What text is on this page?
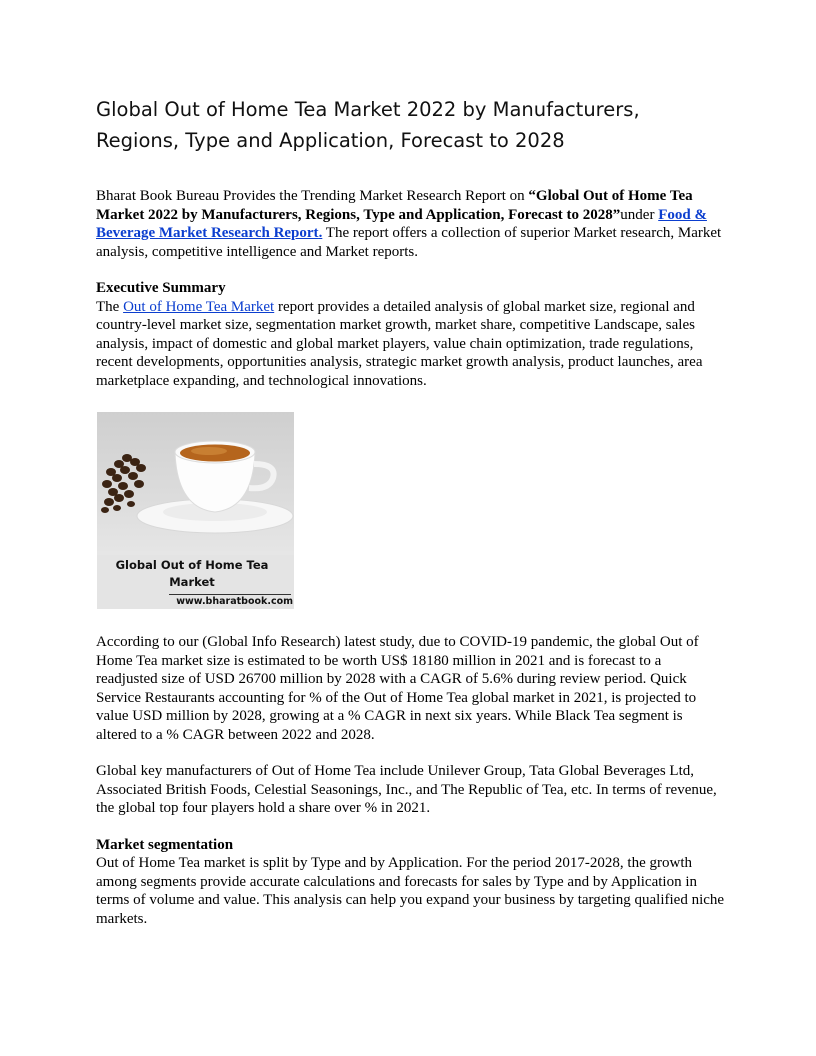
Global Out of Home Tea Market 2022 by Manufacturers, Regions, Type and Application, Forecast to 2028

Bharat Book Bureau Provides the Trending Market Research Report on “Global Out of Home Tea Market 2022 by Manufacturers, Regions, Type and Application, Forecast to 2028”under Food & Beverage Market Research Report. The report offers a collection of superior Market research, Market analysis, competitive intelligence and Market reports.

Executive Summary
The Out of Home Tea Market report provides a detailed analysis of global market size, regional and country-level market size, segmentation market growth, market share, competitive Landscape, sales analysis, impact of domestic and global market players, value chain optimization, trade regulations, recent developments, opportunities analysis, strategic market growth analysis, product launches, area marketplace expanding, and technological innovations.

Global Out of Home Tea
Market
www.bharatbook.com

According to our (Global Info Research) latest study, due to COVID-19 pandemic, the global Out of Home Tea market size is estimated to be worth US$ 18180 million in 2021 and is forecast to a readjusted size of USD 26700 million by 2028 with a CAGR of 5.6% during review period. Quick Service Restaurants accounting for % of the Out of Home Tea global market in 2021, is projected to value USD million by 2028, growing at a % CAGR in next six years. While Black Tea segment is altered to a % CAGR between 2022 and 2028.

Global key manufacturers of Out of Home Tea include Unilever Group, Tata Global Beverages Ltd, Associated British Foods, Celestial Seasonings, Inc., and The Republic of Tea, etc. In terms of revenue, the global top four players hold a share over % in 2021.

Market segmentation
Out of Home Tea market is split by Type and by Application. For the period 2017-2028, the growth among segments provide accurate calculations and forecasts for sales by Type and by Application in terms of volume and value. This analysis can help you expand your business by targeting qualified niche markets.
